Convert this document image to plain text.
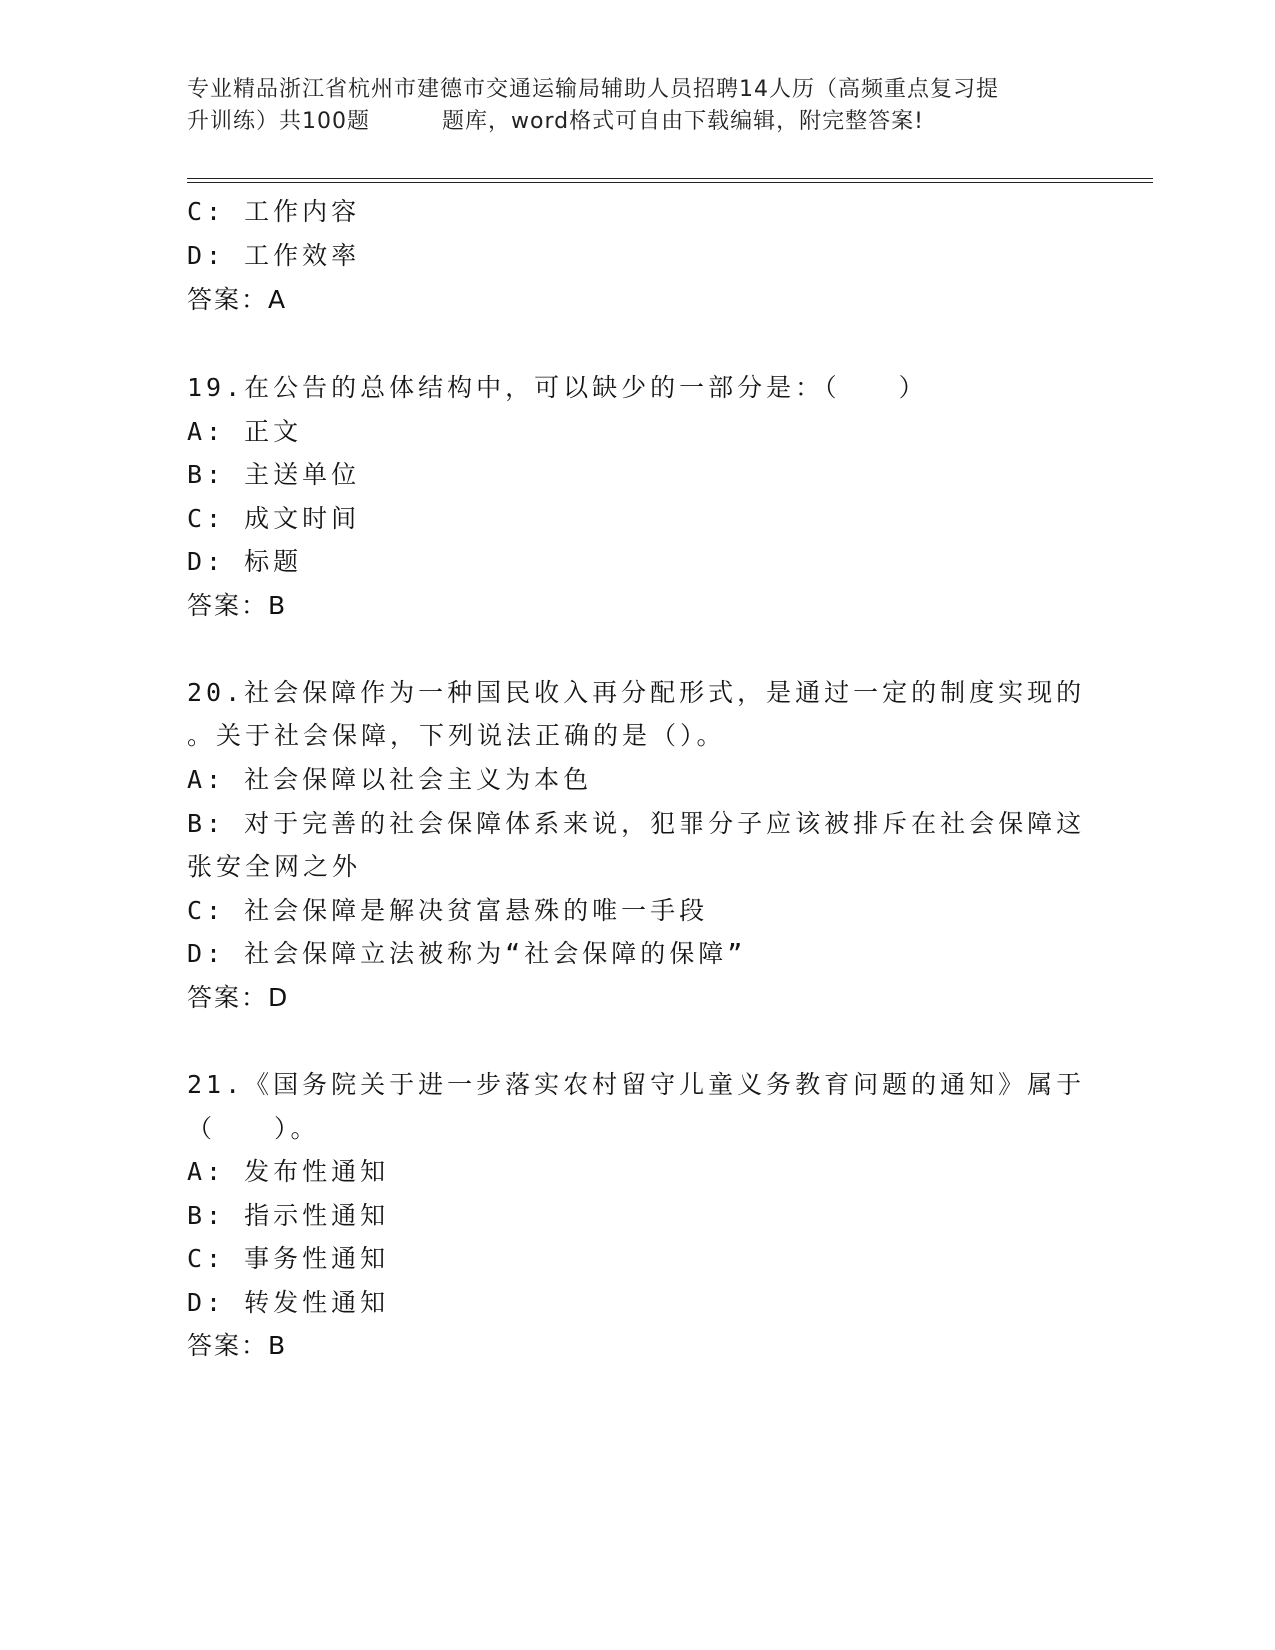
专业精品浙江省杭州市建德市交通运输局辅助人员招聘14人历（高频重点复习提
升训练）共100题	题库，word格式可自由下载编辑，附完整答案!
C: 工作内容
D: 工作效率
答案：A
19.在公告的总体结构中，可以缺少的一部分是：（　　）
A: 正文
B: 主送单位
C: 成文时间
D: 标题
答案：B
20.社会保障作为一种国民收入再分配形式，是通过一定的制度实现的
。关于社会保障，下列说法正确的是（）。
A: 社会保障以社会主义为本色
B: 对于完善的社会保障体系来说，犯罪分子应该被排斥在社会保障这
张安全网之外
C: 社会保障是解决贫富悬殊的唯一手段
D: 社会保障立法被称为“社会保障的保障”
答案：D
21.《国务院关于进一步落实农村留守儿童义务教育问题的通知》属于
（　　）。
A: 发布性通知
B: 指示性通知
C: 事务性通知
D: 转发性通知
答案：B
